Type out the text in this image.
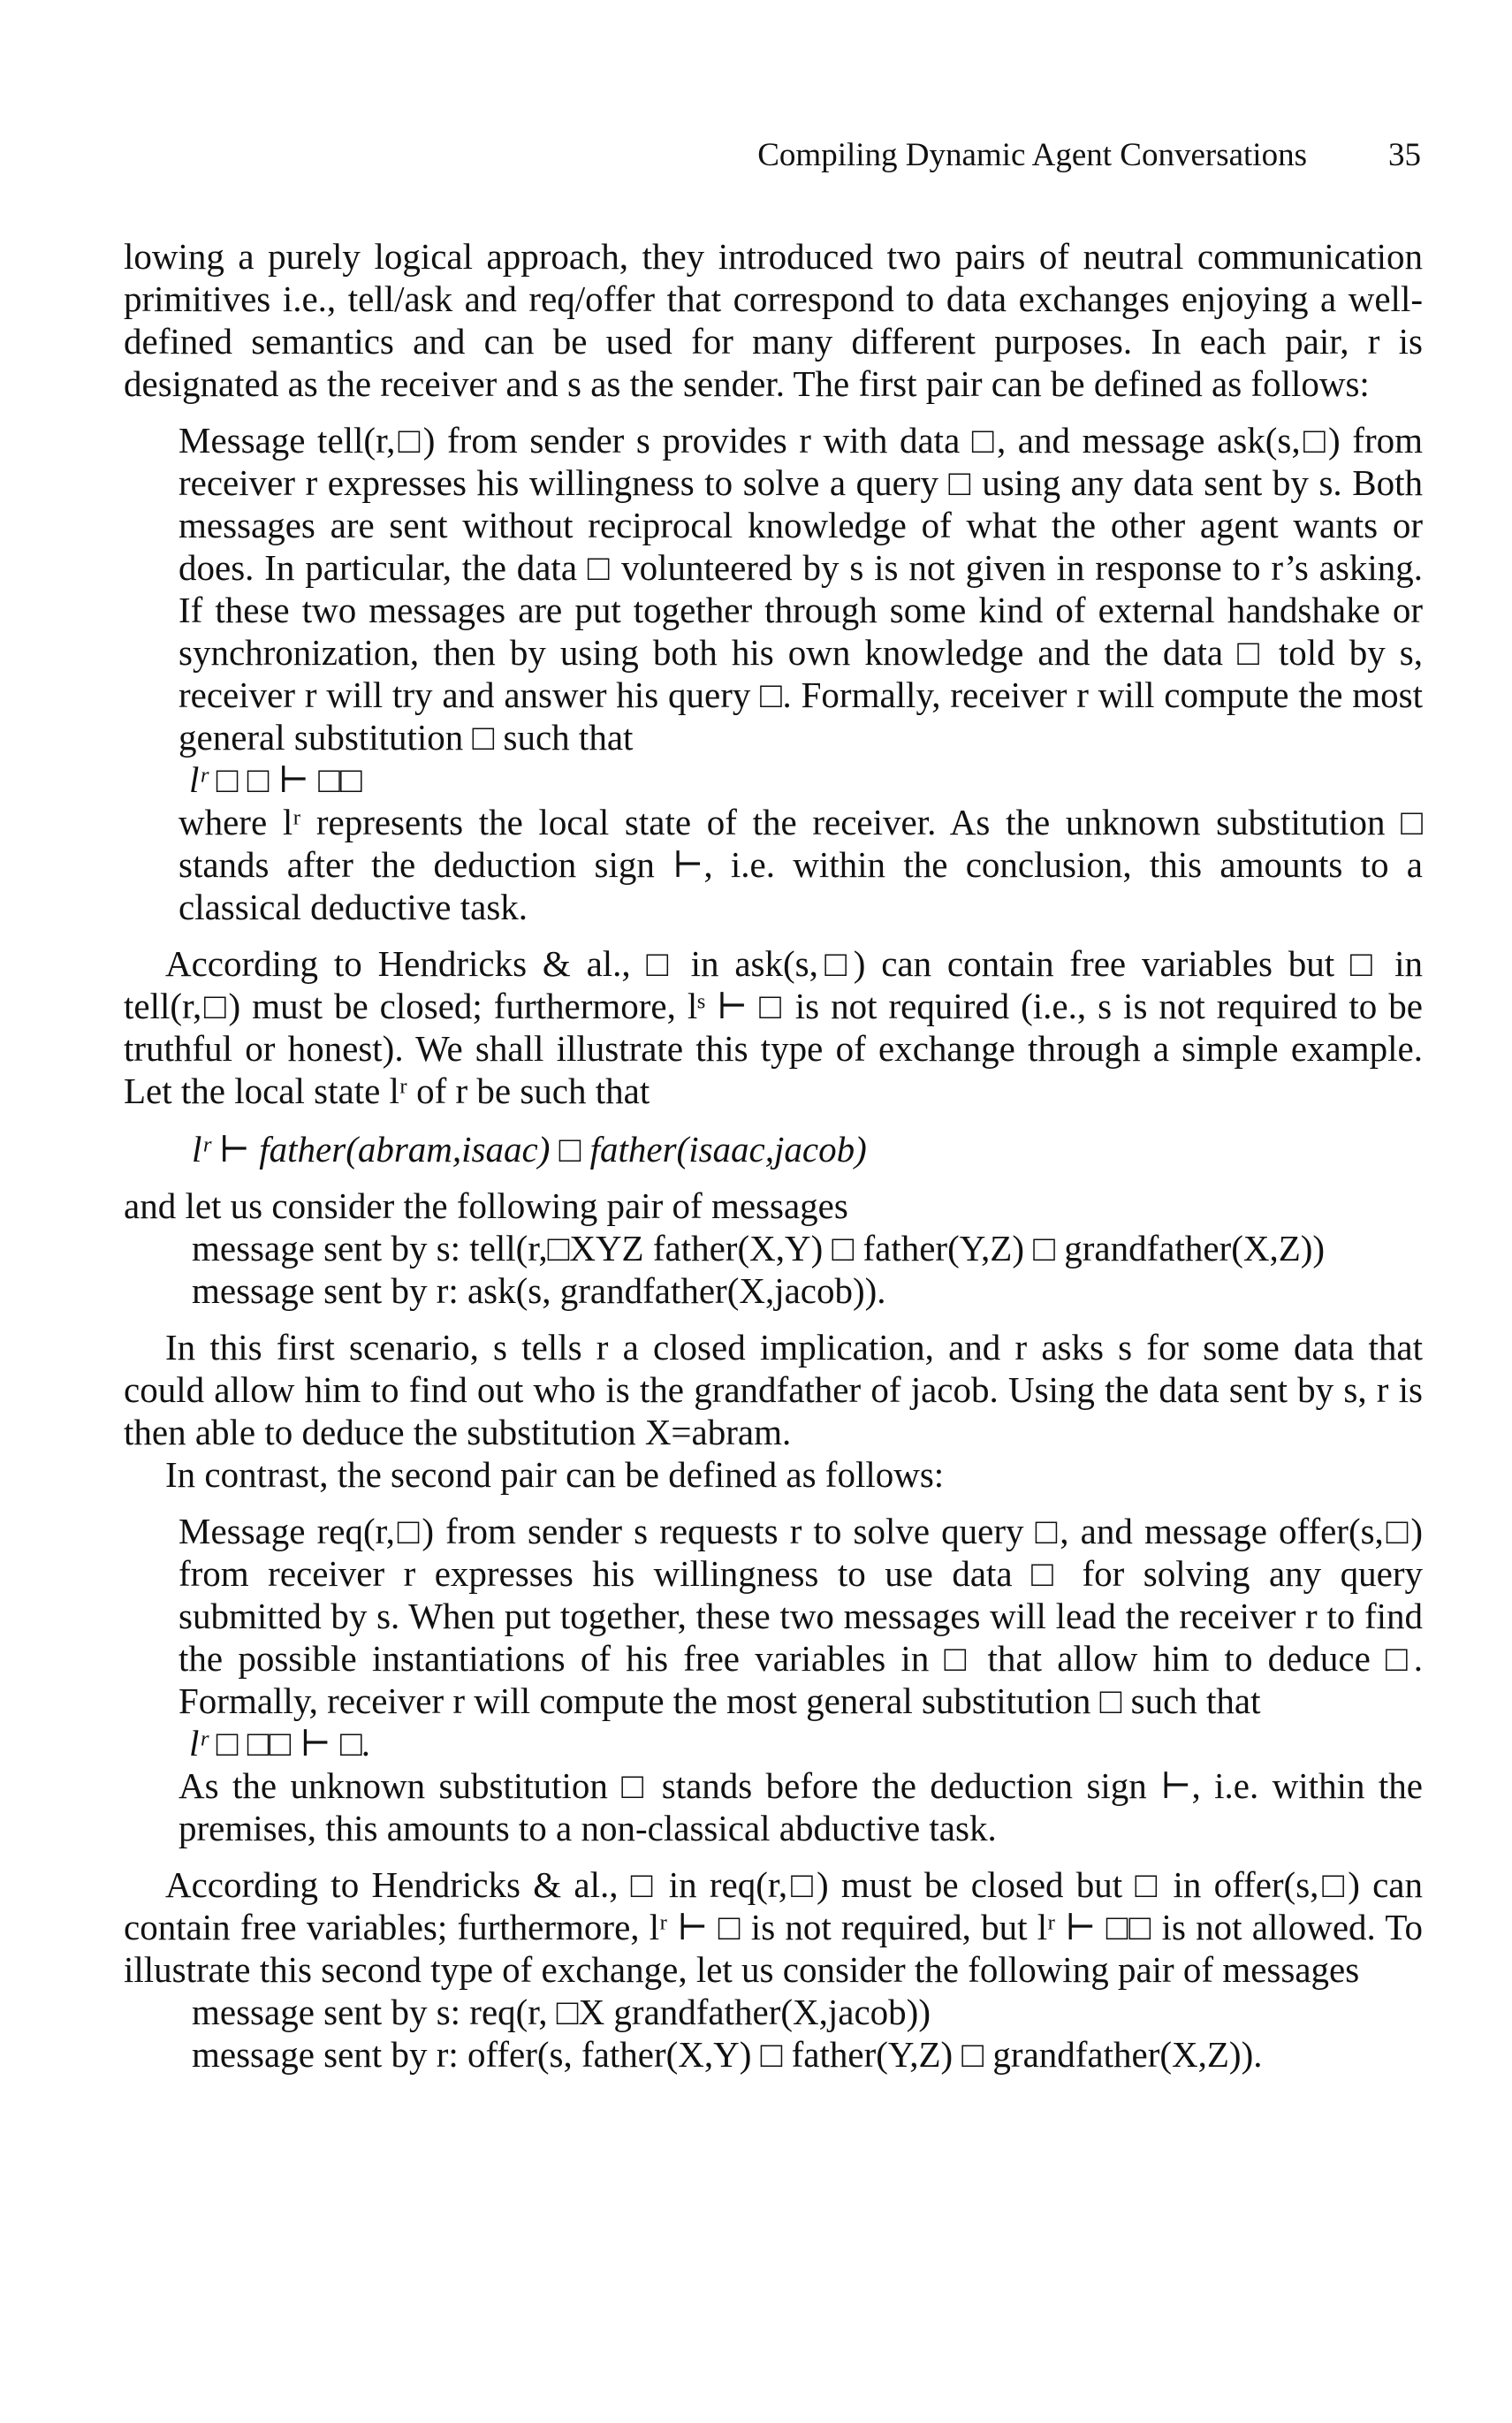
Compiling Dynamic Agent Conversations 35

lowing a purely logical approach, they introduced two pairs of neutral communication primitives i.e., tell/ask and req/offer that correspond to data exchanges enjoying a well-defined semantics and can be used for many different purposes. In each pair, r is designated as the receiver and s as the sender. The first pair can be defined as follows:

Message tell(r,□) from sender s provides r with data □, and message ask(s,□) from receiver r expresses his willingness to solve a query □ using any data sent by s. Both messages are sent without reciprocal knowledge of what the other agent wants or does. In particular, the data □ volunteered by s is not given in response to r’s asking. If these two messages are put together through some kind of external handshake or synchronization, then by using both his own knowledge and the data □ told by s, receiver r will try and answer his query □. Formally, receiver r will compute the most general substitution □ such that

lʳ □ □ ⊢ □□

where lʳ represents the local state of the receiver. As the unknown substitution □ stands after the deduction sign ⊢, i.e. within the conclusion, this amounts to a classical deductive task.

According to Hendricks & al., □ in ask(s,□) can contain free variables but □ in tell(r,□) must be closed; furthermore, lˢ ⊢ □ is not required (i.e., s is not required to be truthful or honest). We shall illustrate this type of exchange through a simple example. Let the local state lʳ of r be such that

lʳ ⊢ father(abram,isaac) □ father(isaac,jacob)

and let us consider the following pair of messages

message sent by s: tell(r,□XYZ father(X,Y) □ father(Y,Z) □ grandfather(X,Z))

message sent by r: ask(s, grandfather(X,jacob)).

In this first scenario, s tells r a closed implication, and r asks s for some data that could allow him to find out who is the grandfather of jacob. Using the data sent by s, r is then able to deduce the substitution X=abram.

In contrast, the second pair can be defined as follows:

Message req(r,□) from sender s requests r to solve query □, and message offer(s,□) from receiver r expresses his willingness to use data □ for solving any query submitted by s. When put together, these two messages will lead the receiver r to find the possible instantiations of his free variables in □ that allow him to deduce □. Formally, receiver r will compute the most general substitution □ such that

lʳ □ □□ ⊢ □.

As the unknown substitution □ stands before the deduction sign ⊢, i.e. within the premises, this amounts to a non-classical abductive task.

According to Hendricks & al., □ in req(r,□) must be closed but □ in offer(s,□) can contain free variables; furthermore, lʳ ⊢ □ is not required, but lʳ ⊢ □□ is not allowed. To illustrate this second type of exchange, let us consider the following pair of messages

message sent by s: req(r, □X grandfather(X,jacob))

message sent by r: offer(s, father(X,Y) □ father(Y,Z) □ grandfather(X,Z)).
